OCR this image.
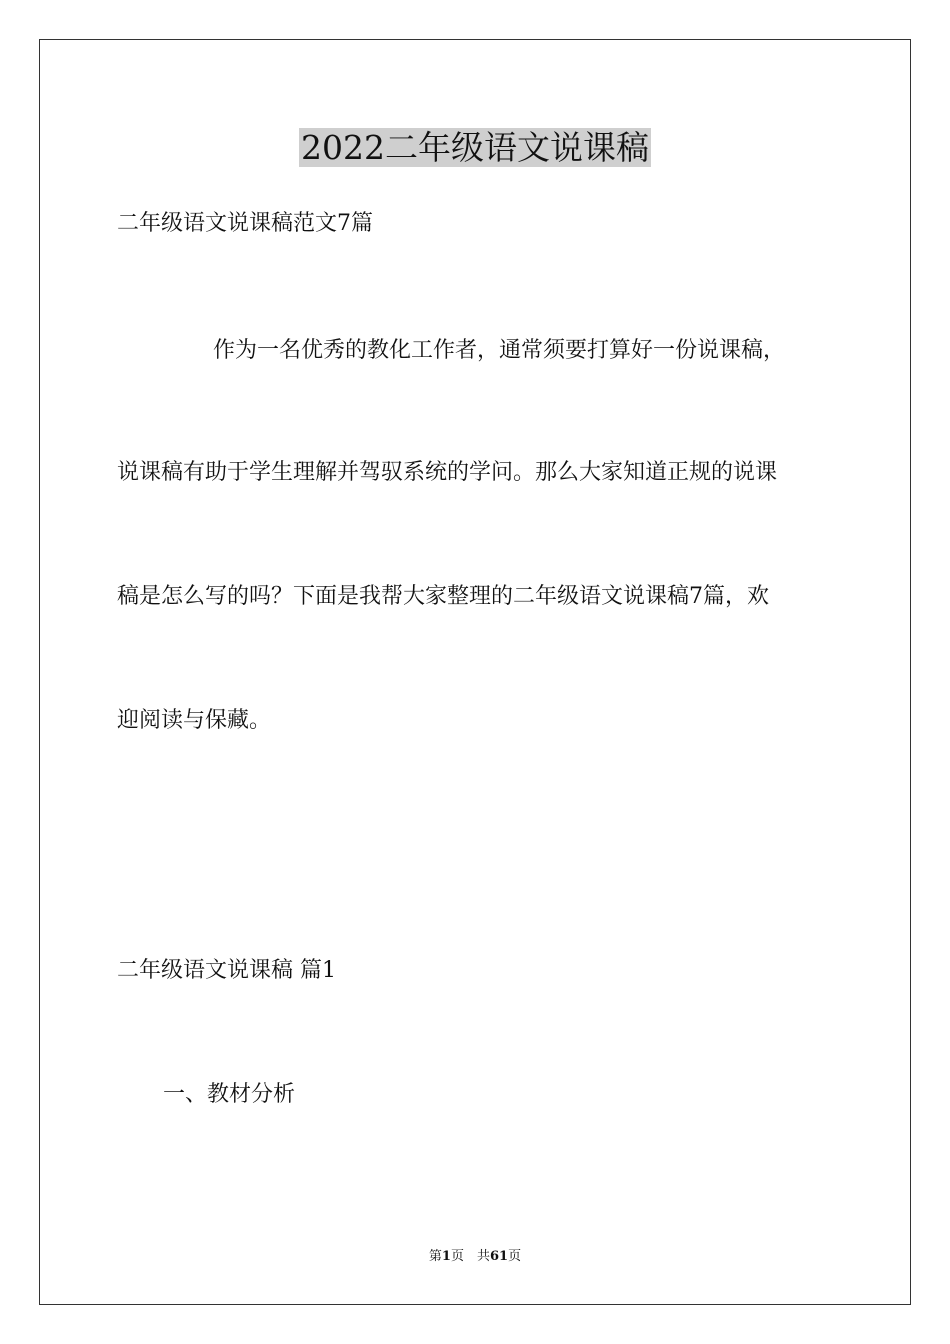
2022二年级语文说课稿

二年级语文说课稿范文7篇

作为一名优秀的教化工作者，通常须要打算好一份说课稿，

说课稿有助于学生理解并驾驭系统的学问。那么大家知道正规的说课

稿是怎么写的吗？下面是我帮大家整理的二年级语文说课稿7篇，欢

迎阅读与保藏。

二年级语文说课稿 篇1

一、教材分析

第1页　共61页
